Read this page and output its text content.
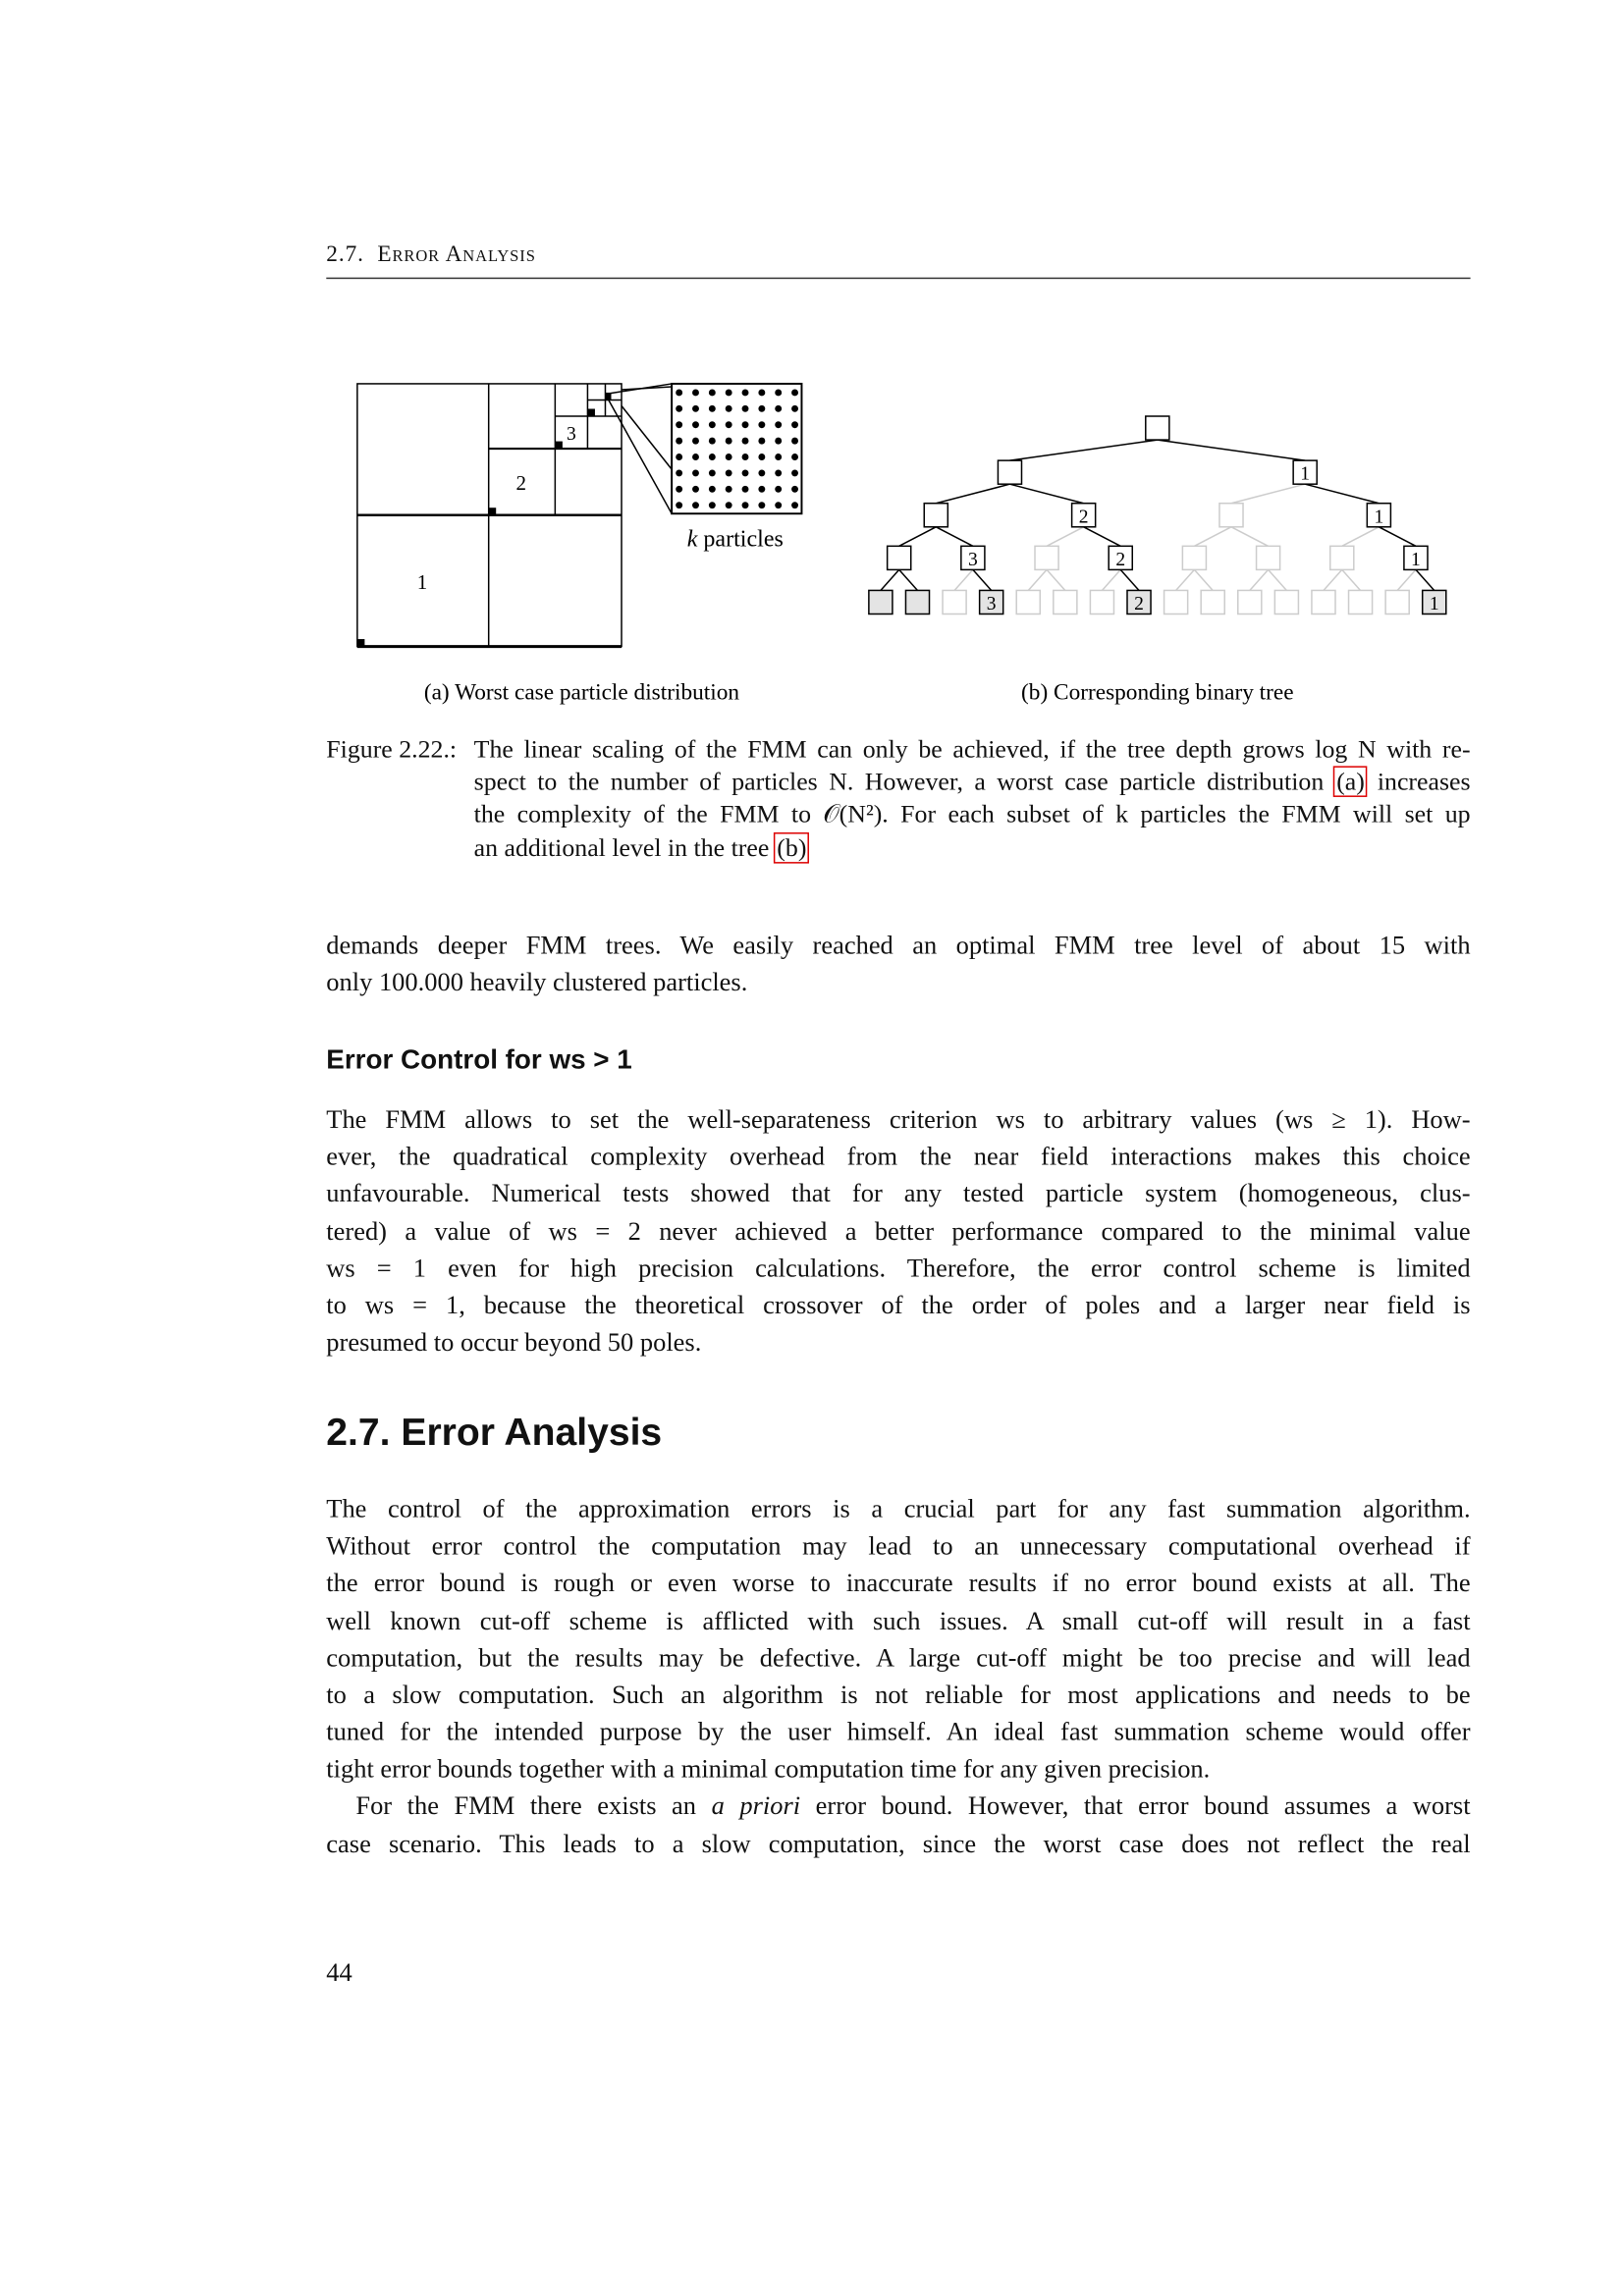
2.7. Error Analysis
1
2
3
k particles
1
2	1
3	2	1
3	2	1
(a) Worst case particle distribution	(b) Corresponding binary tree
Figure 2.22.: The linear scaling of the FMM can only be achieved, if the tree depth grows log N with re-
spect to the number of particles N. However, a worst case particle distribution (a) increases
the complexity of the FMM to 𝒪(N²). For each subset of k particles the FMM will set up
an additional level in the tree (b)
demands deeper FMM trees. We easily reached an optimal FMM tree level of about 15 with
only 100.000 heavily clustered particles.
Error Control for ws > 1
The FMM allows to set the well-separateness criterion ws to arbitrary values (ws ≥ 1). How-
ever, the quadratical complexity overhead from the near field interactions makes this choice
unfavourable. Numerical tests showed that for any tested particle system (homogeneous, clus-
tered) a value of ws = 2 never achieved a better performance compared to the minimal value
ws = 1 even for high precision calculations. Therefore, the error control scheme is limited
to ws = 1, because the theoretical crossover of the order of poles and a larger near field is
presumed to occur beyond 50 poles.
2.7. Error Analysis
The control of the approximation errors is a crucial part for any fast summation algorithm.
Without error control the computation may lead to an unnecessary computational overhead if
the error bound is rough or even worse to inaccurate results if no error bound exists at all. The
well known cut-off scheme is afflicted with such issues. A small cut-off will result in a fast
computation, but the results may be defective. A large cut-off might be too precise and will lead
to a slow computation. Such an algorithm is not reliable for most applications and needs to be
tuned for the intended purpose by the user himself. An ideal fast summation scheme would offer
tight error bounds together with a minimal computation time for any given precision.
For the FMM there exists an a priori error bound. However, that error bound assumes a worst
case scenario. This leads to a slow computation, since the worst case does not reflect the real
44
